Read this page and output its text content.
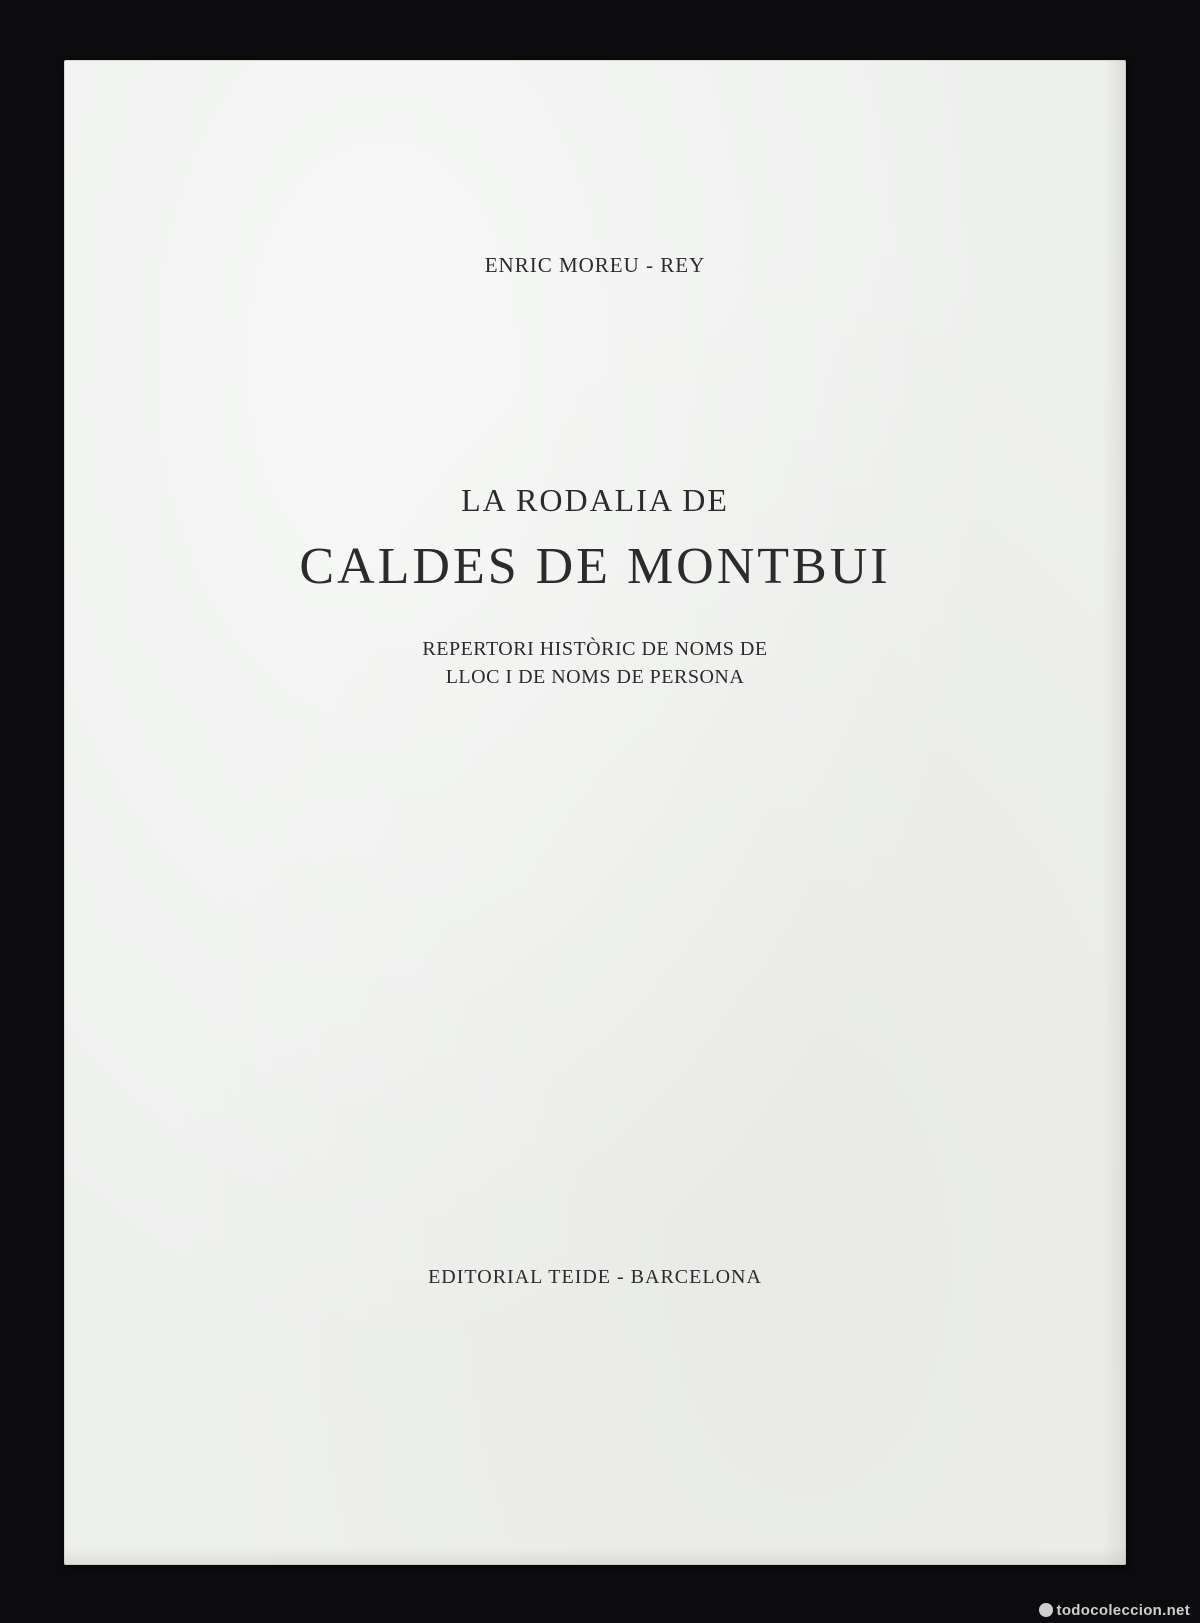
ENRIC MOREU - REY
LA RODALIA DE
CALDES DE MONTBUI
REPERTORI HISTÒRIC DE NOMS DE
LLOC I DE NOMS DE PERSONA
EDITORIAL TEIDE - BARCELONA
todocoleccion.net
